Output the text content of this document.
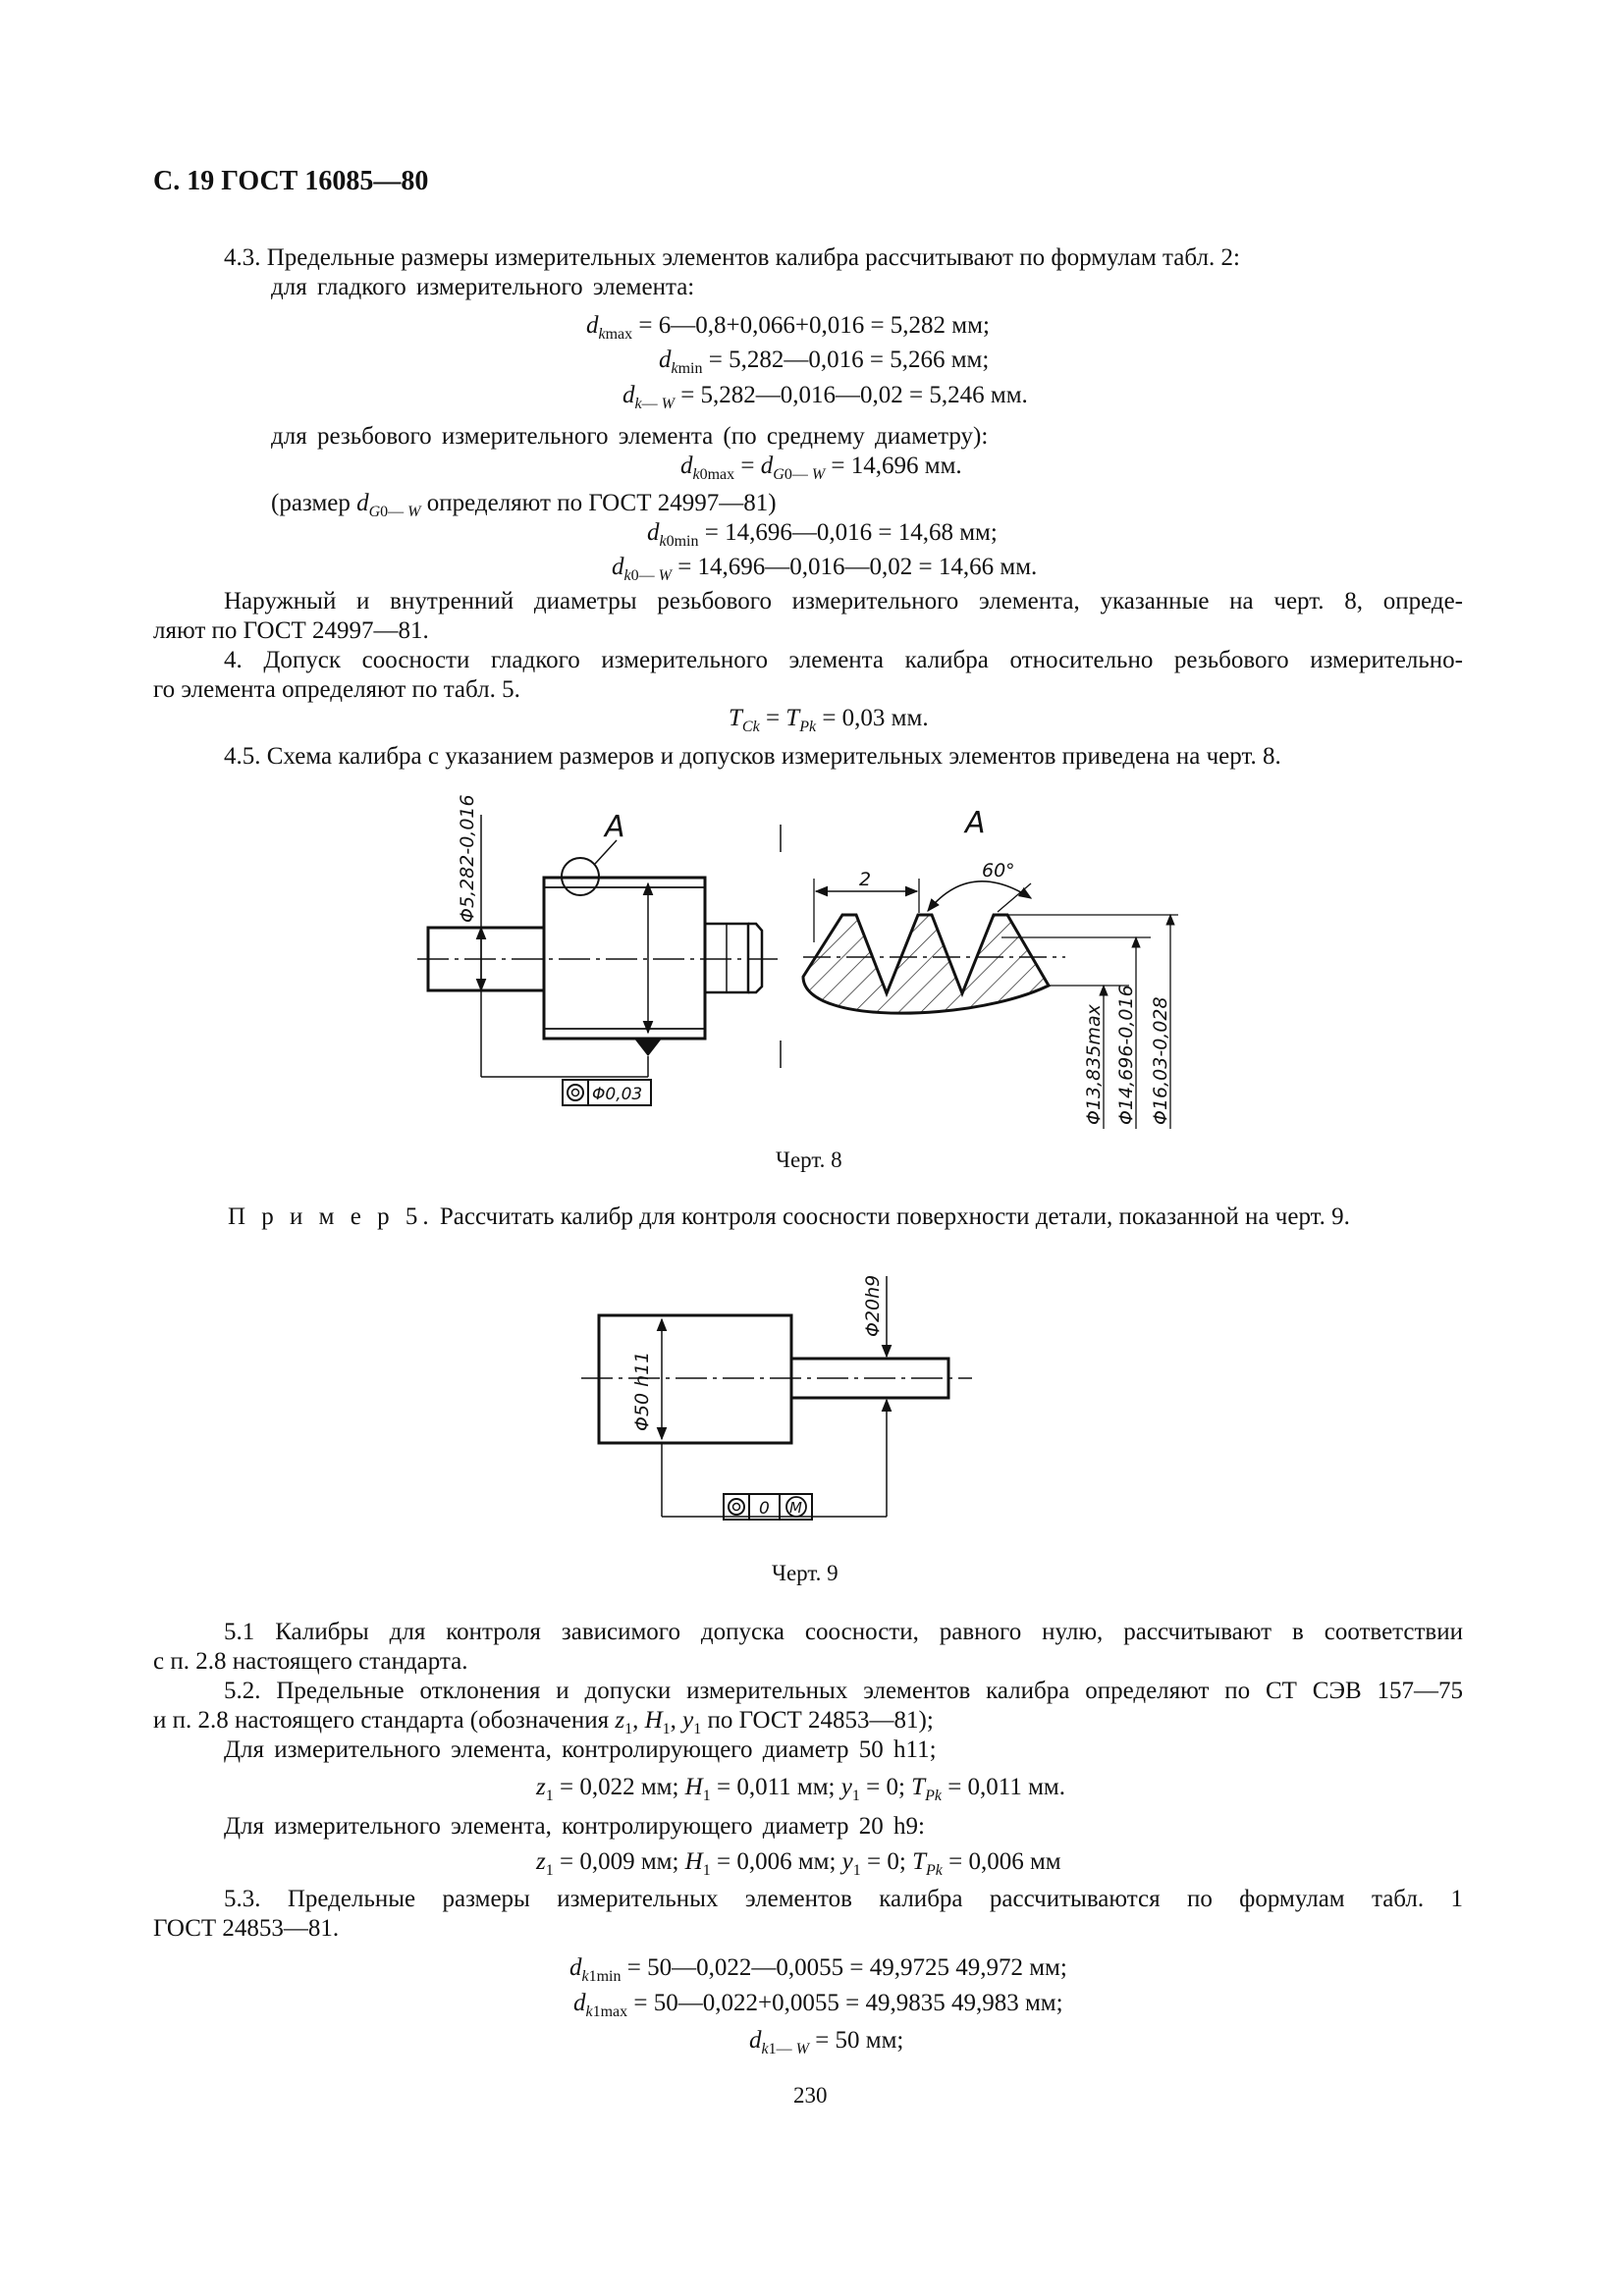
С. 19 ГОСТ 16085—80
4.3. Предельные размеры измерительных элементов калибра рассчитывают по формулам табл. 2:
для гладкого измерительного элемента:
$d_{kmax}$ = 6—0,8+0,066+0,016 = 5,282 мм;
$d_{kmin}$ = 5,282—0,016 = 5,266 мм;
$d_{k— W}$ = 5,282—0,016—0,02 = 5,246 мм.
для резьбового измерительного элемента (по среднему диаметру):
$d_{k0max} = d_{G0— W} = 14,696$ мм.
(размер $d_{G0— W}$ определяют по ГОСТ 24997—81)
$d_{k0min}$ = 14,696—0,016 = 14,68 мм;
$d_{k0— W}$ = 14,696—0,016—0,02 = 14,66 мм.
Наружный и внутренний диаметры резьбового измерительного элемента, указанные на черт. 8, опреде-
ляют по ГОСТ 24997—81.
4. Допуск соосности гладкого измерительного элемента калибра относительно резьбового измерительно-
го элемента определяют по табл. 5.
$T_{Ck} = T_{Pk} = 0,03$ мм.
4.5. Схема калибра с указанием размеров и допусков измерительных элементов приведена на черт. 8.
A
Φ5,282-0,016
Φ0,03
A
2	60°
Φ13,835max Φ14,696-0,016 Φ16,03-0,028
Черт. 8
П р и м е р 5. Рассчитать калибр для контроля соосности поверхности детали, показанной на черт. 9.
Φ50 h11
Φ20h9
0 M
Черт. 9
5.1 Калибры для контроля зависимого допуска соосности, равного нулю, рассчитывают в соответствии
с п. 2.8 настоящего стандарта.
5.2. Предельные отклонения и допуски измерительных элементов калибра определяют по СТ СЭВ 157—75
и п. 2.8 настоящего стандарта (обозначения $z_1$, $H_1$, $y_1$ по ГОСТ 24853—81);
Для измерительного элемента, контролирующего диаметр 50 h11;
$z_1 = 0,022$ мм; $H_1 = 0,011$ мм; $y_1 = 0$; $T_{Pk} = 0,011$ мм.
Для измерительного элемента, контролирующего диаметр 20 h9:
$z_1 = 0,009$ мм; $H_1 = 0,006$ мм; $y_1 = 0$; $T_{Pk} = 0,006$ мм
5.3. Предельные размеры измерительных элементов калибра рассчитываются по формулам табл. 1
ГОСТ 24853—81.
$d_{k1min}$ = 50—0,022—0,0055 = 49,9725 49,972 мм;
$d_{k1max}$ = 50—0,022+0,0055 = 49,9835 49,983 мм;
$d_{k1— W} = 50$ мм;
230
